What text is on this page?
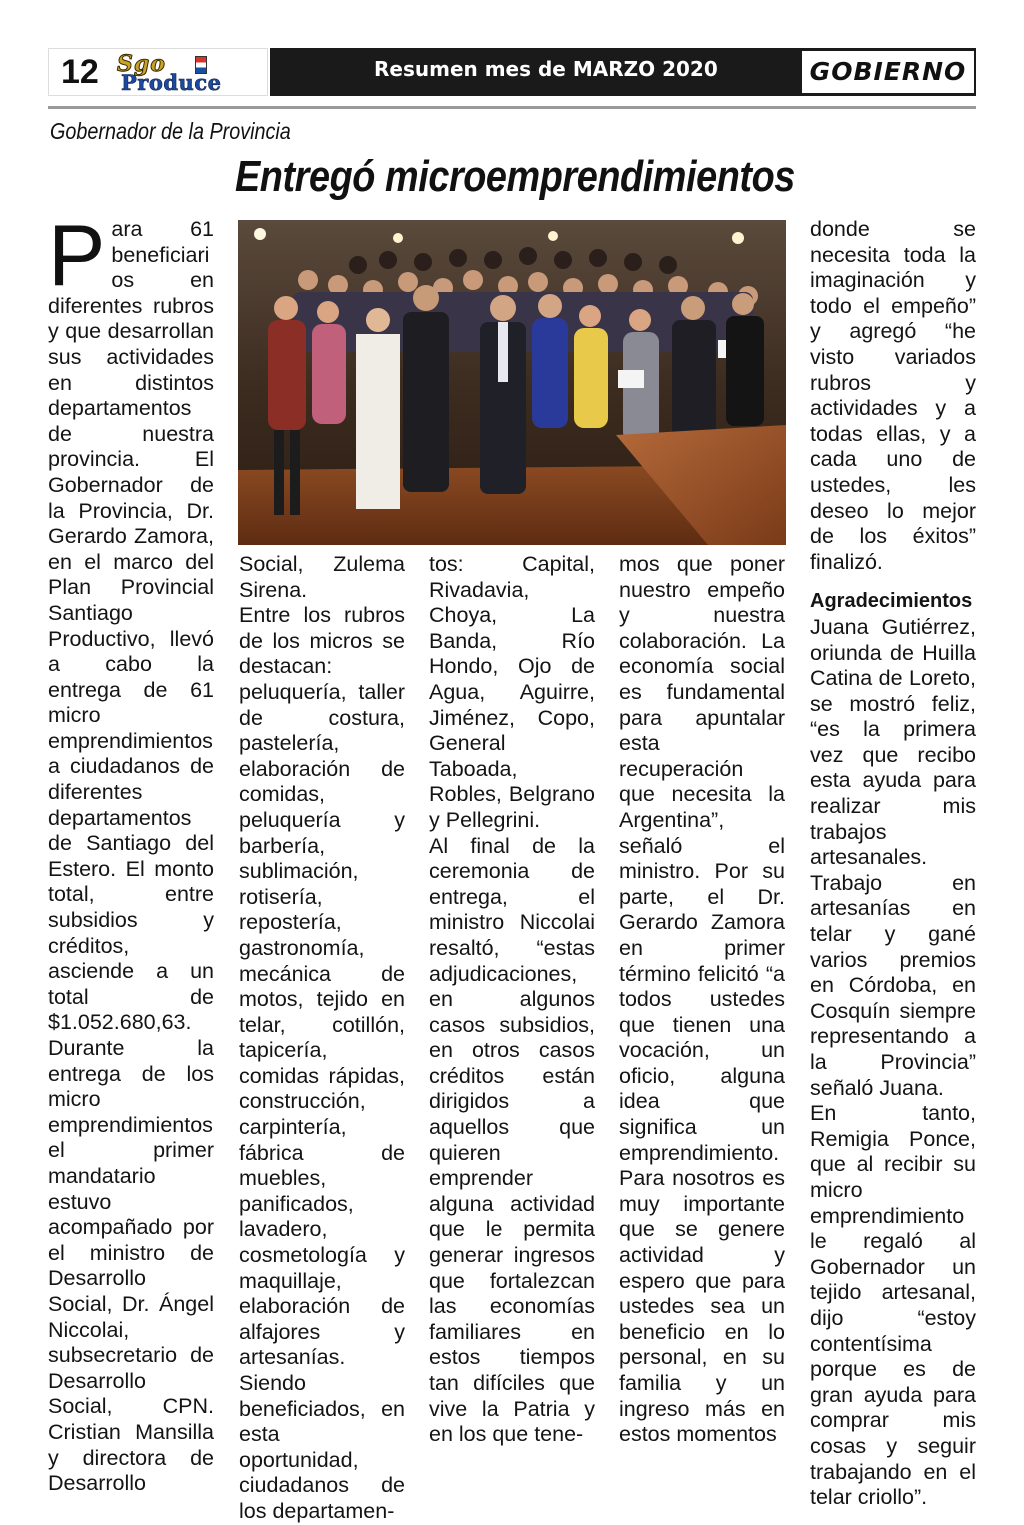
12 Sgo
Produce
Resumen mes de MARZO 2020	GOBIERNO
Gobernador de la Provincia
Entregó microemprendimientos
P ara 61 beneficiarios en diferentes rubros y que desarrollan sus actividades en distintos departamentos de nuestra provincia. El Gobernador de la Provincia, Dr. Gerardo Zamora, en el marco del Plan Provincial Santiago Productivo, llevó a cabo la entrega de 61 micro emprendimientos a ciudadanos de diferentes departamentos de Santiago del Estero. El monto total, entre subsidios y créditos, asciende a un total de $1.052.680,63.

Durante la entrega de los micro emprendimientos el primer mandatario estuvo acompañado por el ministro de Desarrollo Social, Dr. Ángel Niccolai, subsecretario de Desarrollo Social, CPN. Cristian Mansilla y directora de Desarrollo

Social, Zulema Sirena.

Entre los rubros de los micros se destacan: peluquería, taller de costura, pastelería, elaboración de comidas, peluquería y barbería, sublimación, rotisería, repostería, gastronomía, mecánica de motos, tejido en telar, cotillón, tapicería, comidas rápidas, construcción, carpintería, fábrica de muebles, panificados, lavadero, cosmetología y maquillaje, elaboración de alfajores y artesanías.

Siendo beneficiados, en esta oportunidad, ciudadanos de los departamen-

tos: Capital, Rivadavia, Choya, La Banda, Río Hondo, Ojo de Agua, Aguirre, Jiménez, Copo, General Taboada, Robles, Belgrano y Pellegrini.

Al final de la ceremonia de entrega, el ministro Niccolai resaltó, “estas adjudicaciones, en algunos casos subsidios, en otros casos créditos están dirigidos a aquellos que quieren emprender alguna actividad que le permita generar ingresos que fortalezcan las economías familiares en estos tiempos tan difíciles que vive la Patria y en los que tene-

mos que poner nuestro empeño y nuestra colaboración. La economía social es fundamental para apuntalar esta recuperación que necesita la Argentina”, señaló el ministro. Por su parte, el Dr. Gerardo Zamora en primer término felicitó “a todos ustedes que tienen una vocación, un oficio, alguna idea que significa un emprendimiento. Para nosotros es muy importante que se genere actividad y espero que para ustedes sea un beneficio en lo personal, en su familia y un ingreso más en estos momentos

donde se necesita toda la imaginación y todo el empeño” y agregó “he visto variados rubros y actividades y a todas ellas, y a cada uno de ustedes, les deseo lo mejor de los éxitos” finalizó.

Agradecimientos

Juana Gutiérrez, oriunda de Huilla Catina de Loreto, se mostró feliz, “es la primera vez que recibo esta ayuda para realizar mis trabajos artesanales. Trabajo en artesanías en telar y gané varios premios en Córdoba, en Cosquín siempre representando a la Provincia” señaló Juana.

En tanto, Remigia Ponce, que al recibir su micro emprendimiento le regaló al Gobernador un tejido artesanal, dijo “estoy contentísima porque es de gran ayuda para comprar mis cosas y seguir trabajando en el telar criollo”.
